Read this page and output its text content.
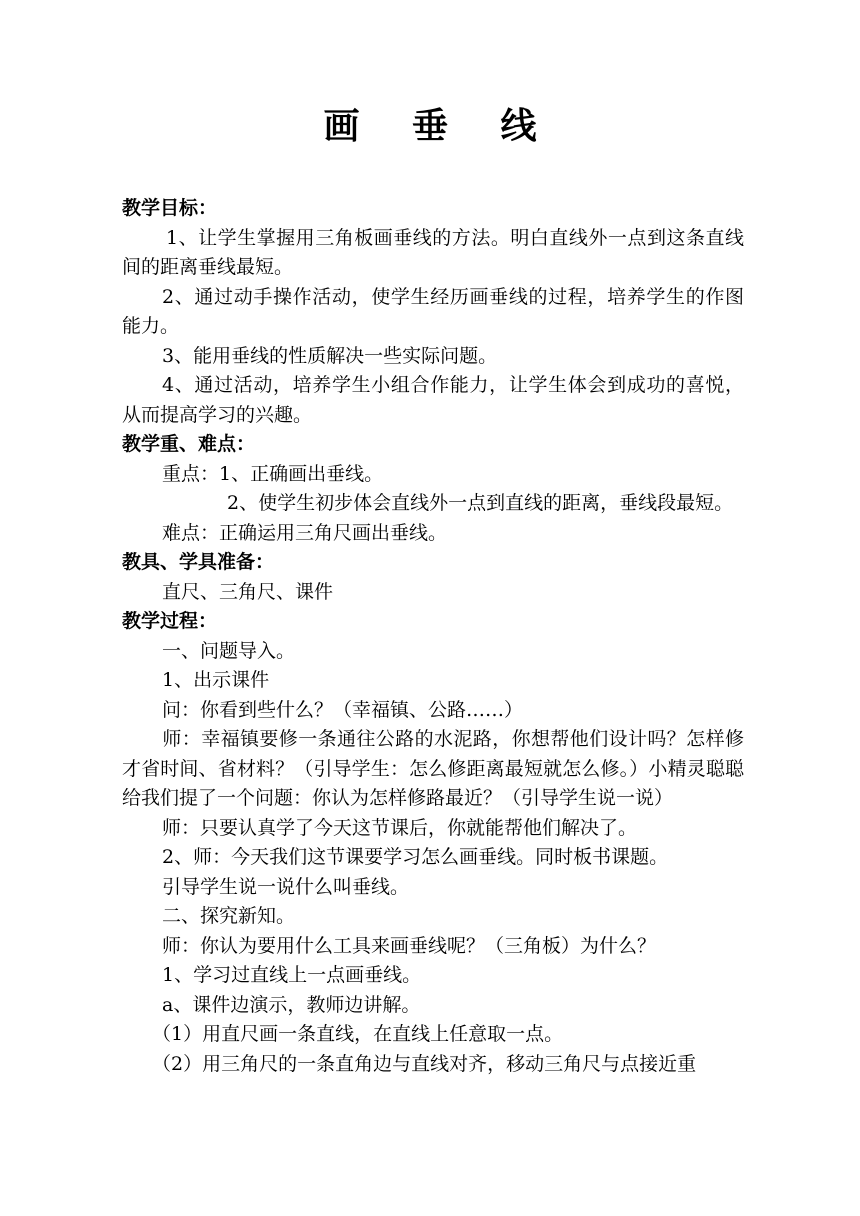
画 垂 线

教学目标：

1、让学生掌握用三角板画垂线的方法。明白直线外一点到这条直线间的距离垂线最短。

2、通过动手操作活动，使学生经历画垂线的过程，培养学生的作图能力。

3、能用垂线的性质解决一些实际问题。

4、通过活动，培养学生小组合作能力，让学生体会到成功的喜悦，从而提高学习的兴趣。

教学重、难点：

重点：1、正确画出垂线。

2、使学生初步体会直线外一点到直线的距离，垂线段最短。

难点：正确运用三角尺画出垂线。

教具、学具准备：

直尺、三角尺、课件

教学过程：

一、问题导入。

1、出示课件

问：你看到些什么？（幸福镇、公路……）

师：幸福镇要修一条通往公路的水泥路，你想帮他们设计吗？怎样修才省时间、省材料？（引导学生：怎么修距离最短就怎么修。）小精灵聪聪给我们提了一个问题：你认为怎样修路最近？（引导学生说一说）

师：只要认真学了今天这节课后，你就能帮他们解决了。

2、师：今天我们这节课要学习怎么画垂线。同时板书课题。

引导学生说一说什么叫垂线。

二、探究新知。

师：你认为要用什么工具来画垂线呢？（三角板）为什么？

1、学习过直线上一点画垂线。

a、课件边演示，教师边讲解。

（1）用直尺画一条直线，在直线上任意取一点。

（2）用三角尺的一条直角边与直线对齐，移动三角尺与点接近重
